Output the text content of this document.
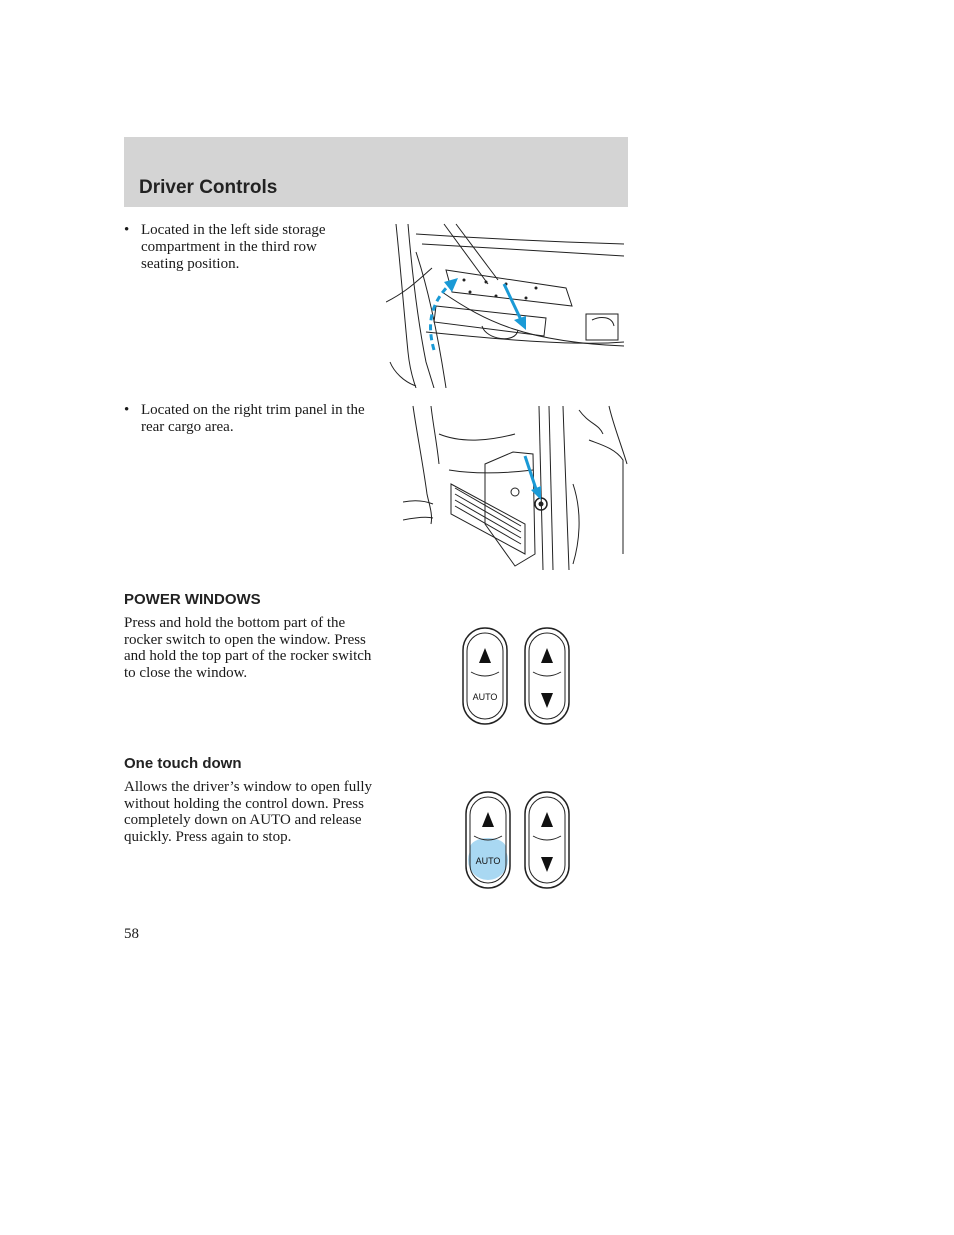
Driver Controls
• Located in the left side storage compartment in the third row seating position.
• Located on the right trim panel in the rear cargo area.
POWER WINDOWS
Press and hold the bottom part of the rocker switch to open the window. Press and hold the top part of the rocker switch to close the window.
AUTO
One touch down
Allows the driver’s window to open fully without holding the control down. Press completely down on AUTO and release quickly. Press again to stop.
AUTO
58
